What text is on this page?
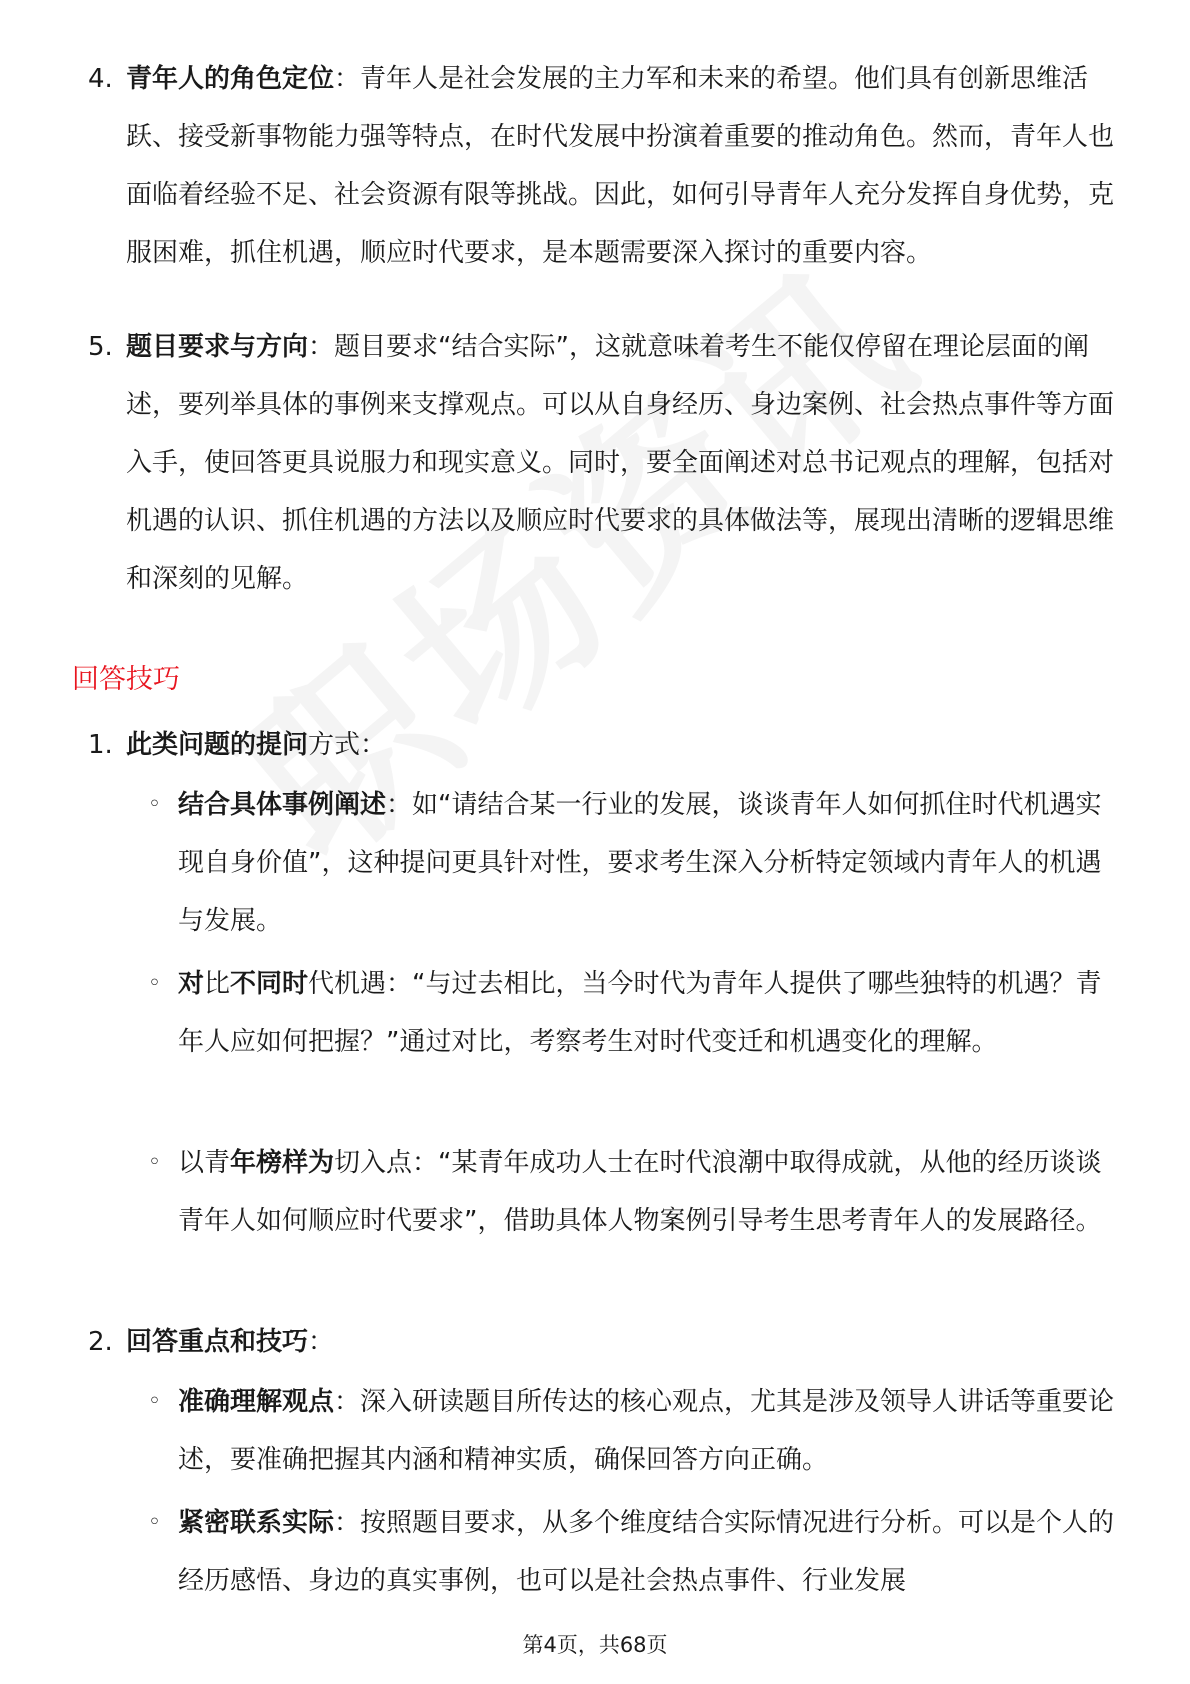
4. 青年人的角色定位：青年人是社会发展的主力军和未来的希望。他们具有创新思维活跃、接受新事物能力强等特点，在时代发展中扮演着重要的推动角色。然而，青年人也面临着经验不足、社会资源有限等挑战。因此，如何引导青年人充分发挥自身优势，克服困难，抓住机遇，顺应时代要求，是本题需要深入探讨的重要内容。
5. 题目要求与方向：题目要求“结合实际”，这就意味着考生不能仅停留在理论层面的阐述，要列举具体的事例来支撑观点。可以从自身经历、身边案例、社会热点事件等方面入手，使回答更具说服力和现实意义。同时，要全面阐述对总书记观点的理解，包括对机遇的认识、抓住机遇的方法以及顺应时代要求的具体做法等，展现出清晰的逻辑思维和深刻的见解。
回答技巧
1. 此类问题的提问方式：
◦ 结合具体事例阐述：如“请结合某一行业的发展，谈谈青年人如何抓住时代机遇实现自身价值”，这种提问更具针对性，要求考生深入分析特定领域内青年人的机遇与发展。
◦ 对比不同时代机遇：“与过去相比，当今时代为青年人提供了哪些独特的机遇？青年人应如何把握？”通过对比，考察考生对时代变迁和机遇变化的理解。
◦ 以青年榜样为切入点：“某青年成功人士在时代浪潮中取得成就，从他的经历谈谈青年人如何顺应时代要求”，借助具体人物案例引导考生思考青年人的发展路径。
2. 回答重点和技巧：
◦ 准确理解观点：深入研读题目所传达的核心观点，尤其是涉及领导人讲话等重要论述，要准确把握其内涵和精神实质，确保回答方向正确。
◦ 紧密联系实际：按照题目要求，从多个维度结合实际情况进行分析。可以是个人的经历感悟、身边的真实事例，也可以是社会热点事件、行业发展
第4页，共68页
